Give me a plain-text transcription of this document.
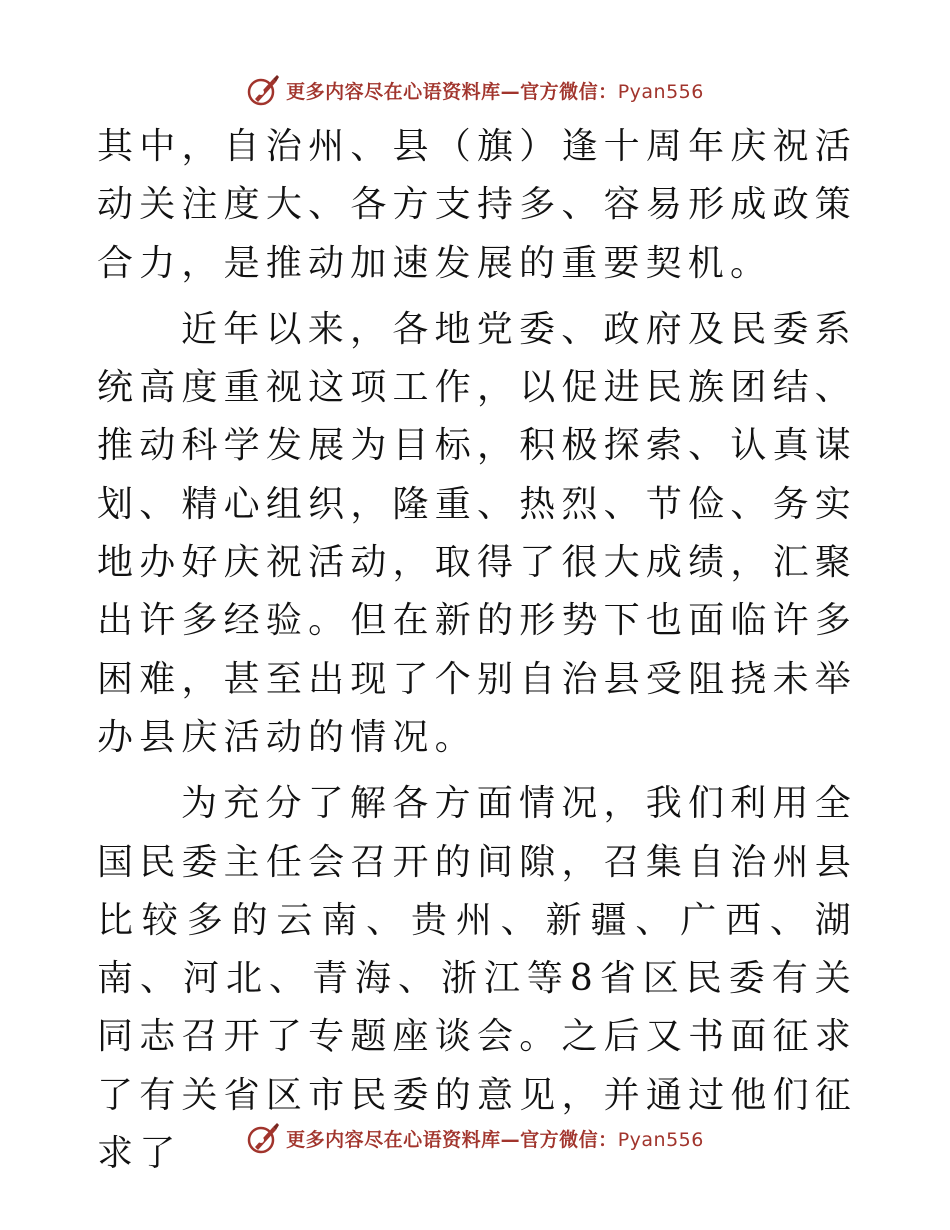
更多内容尽在心语资料库—官方微信：Pyan556

其中，自治州、县（旗）逢十周年庆祝活动关注度大、各方支持多、容易形成政策合力，是推动加速发展的重要契机。

近年以来，各地党委、政府及民委系统高度重视这项工作，以促进民族团结、推动科学发展为目标，积极探索、认真谋划、精心组织，隆重、热烈、节俭、务实地办好庆祝活动，取得了很大成绩，汇聚出许多经验。但在新的形势下也面临许多困难，甚至出现了个别自治县受阻挠未举办县庆活动的情况。

为充分了解各方面情况，我们利用全国民委主任会召开的间隙，召集自治州县比较多的云南、贵州、新疆、广西、湖南、河北、青海、浙江等8省区民委有关同志召开了专题座谈会。之后又书面征求了有关省区市民委的意见，并通过他们征求了	更多内容尽在心语资料库—官方微信：Pyan556
